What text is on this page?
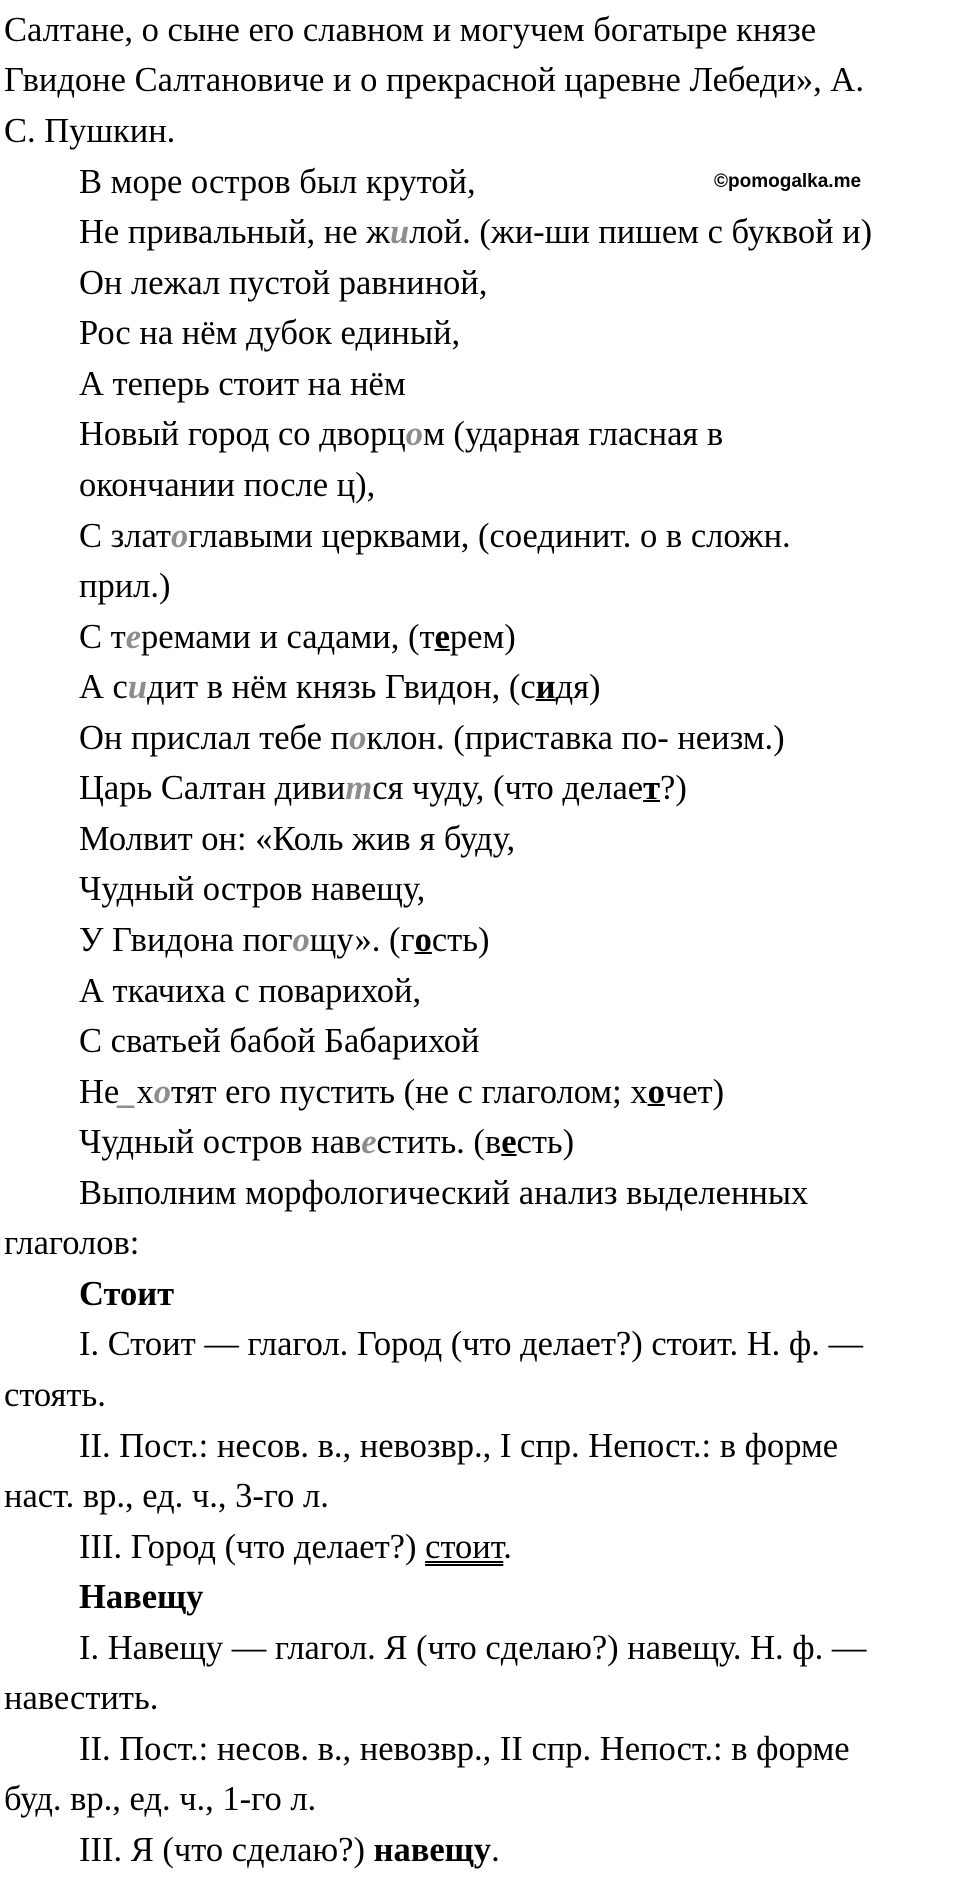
©pomogalka.me
Салтане, о сыне его славном и могучем богатыре князе
Гвидоне Салтановиче и о прекрасной царевне Лебеди», А.
С. Пушкин.
В море остров был крутой,
Не привальный, не жилой. (жи-ши пишем с буквой и)
Он лежал пустой равниной,
Рос на нём дубок единый,
А теперь стоит на нём
Новый город со дворцом (ударная гласная в
окончании после ц),
С златоглавыми церквами, (соединит. о в сложн.
прил.)
С теремами и садами, (терем)
А сидит в нём князь Гвидон, (сидя)
Он прислал тебе поклон. (приставка по- неизм.)
Царь Салтан дивится чуду, (что делает?)
Молвит он: «Коль жив я буду,
Чудный остров навещу,
У Гвидона погощу». (гость)
А ткачиха с поварихой,
С сватьей бабой Бабарихой
Не_хотят его пустить (не с глаголом; хочет)
Чудный остров навестить. (весть)
Выполним морфологический анализ выделенных
глаголов:
Стоит
I. Стоит — глагол. Город (что делает?) стоит. Н. ф. —
стоять.
II. Пост.: несов. в., невозвр., I спр. Непост.: в форме
наст. вр., ед. ч., 3-го л.
III. Город (что делает?) стоит.
Навещу
I. Навещу — глагол. Я (что сделаю?) навещу. Н. ф. —
навестить.
II. Пост.: несов. в., невозвр., II спр. Непост.: в форме
буд. вр., ед. ч., 1-го л.
III. Я (что сделаю?) навещу.
